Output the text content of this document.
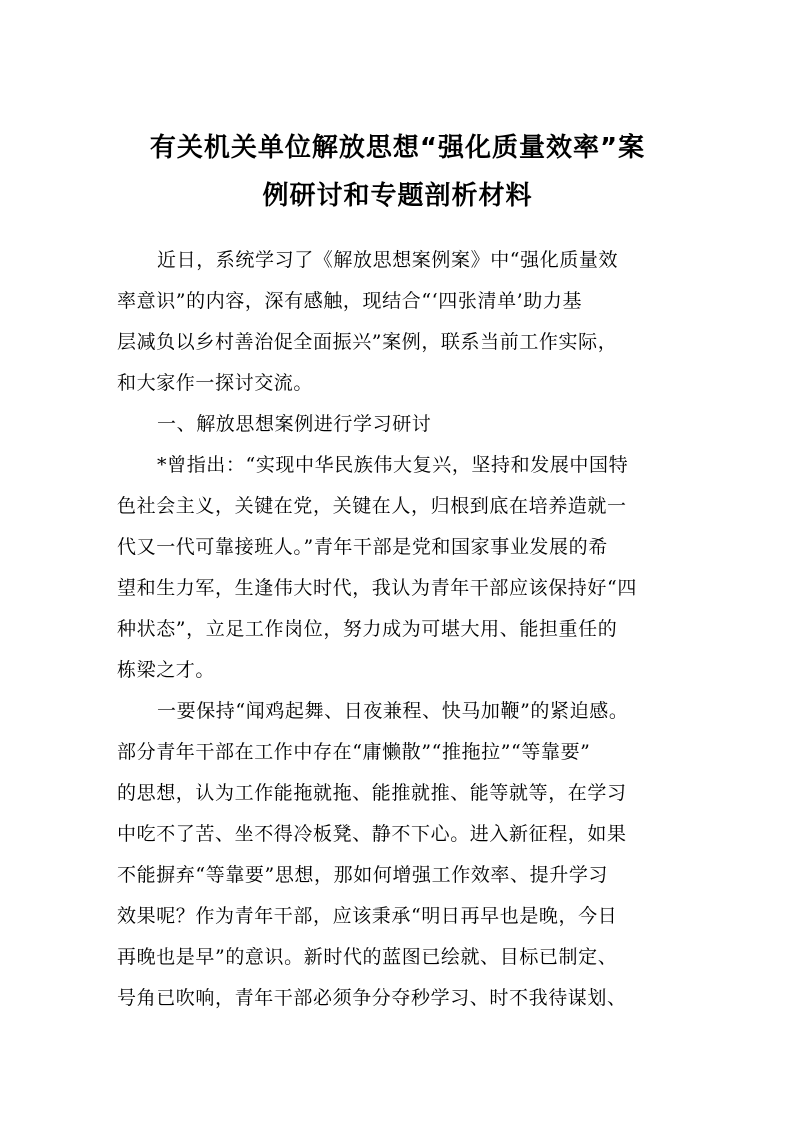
有关机关单位解放思想“强化质量效率”案
例研讨和专题剖析材料
近日，系统学习了《解放思想案例案》中“强化质量效
率意识”的内容，深有感触，现结合“‘四张清单’助力基
层减负以乡村善治促全面振兴”案例，联系当前工作实际，
和大家作一探讨交流。
一、解放思想案例进行学习研讨
*曾指出：“实现中华民族伟大复兴，坚持和发展中国特
色社会主义，关键在党，关键在人，归根到底在培养造就一
代又一代可靠接班人。”青年干部是党和国家事业发展的希
望和生力军，生逢伟大时代，我认为青年干部应该保持好“四
种状态”，立足工作岗位，努力成为可堪大用、能担重任的
栋梁之才。
一要保持“闻鸡起舞、日夜兼程、快马加鞭”的紧迫感。
部分青年干部在工作中存在“庸懒散”“推拖拉”“等靠要”
的思想，认为工作能拖就拖、能推就推、能等就等，在学习
中吃不了苦、坐不得冷板凳、静不下心。进入新征程，如果
不能摒弃“等靠要”思想，那如何增强工作效率、提升学习
效果呢？作为青年干部，应该秉承“明日再早也是晚，今日
再晚也是早”的意识。新时代的蓝图已绘就、目标已制定、
号角已吹响，青年干部必须争分夺秒学习、时不我待谋划、
